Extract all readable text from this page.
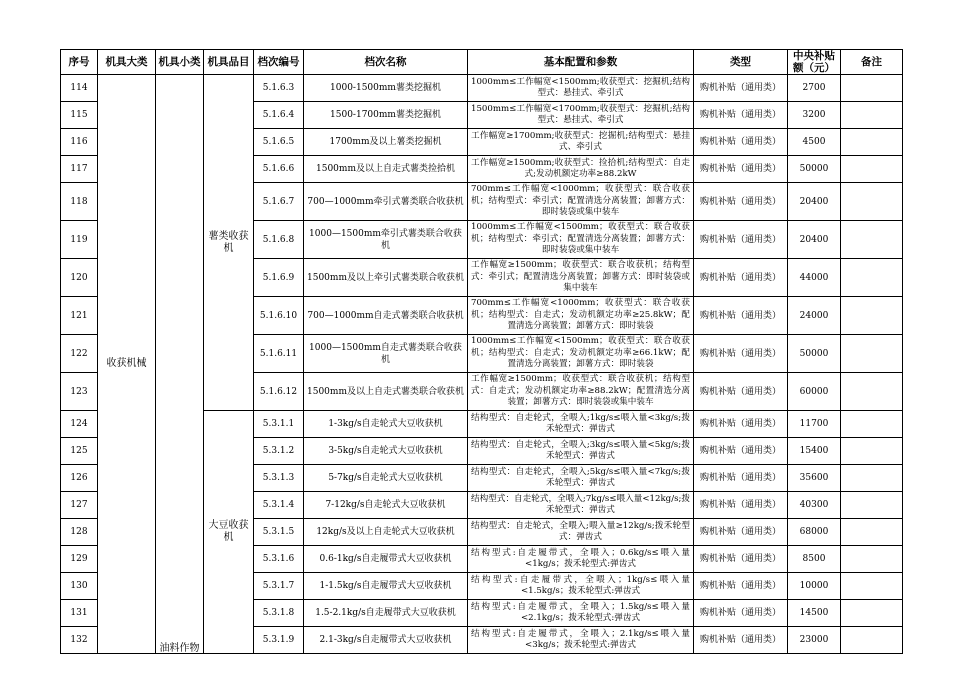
序号	机具大类	机具小类	机具品目	档次编号	档次名称	基本配置和参数	类型	中央补贴额（元）	备注
114	收获机械	油料作物	薯类收获机	5.1.6.3	1000-1500mm薯类挖掘机	1000mm≤工作幅宽<1500mm;收获型式：挖掘机;结构型式：悬挂式、牵引式	购机补贴（通用类）	2700	
115				5.1.6.4	1500-1700mm薯类挖掘机	1500mm≤工作幅宽<1700mm;收获型式：挖掘机;结构型式：悬挂式、牵引式	购机补贴（通用类）	3200	
116				5.1.6.5	1700mm及以上薯类挖掘机	工作幅宽≥1700mm;收获型式：挖掘机;结构型式：悬挂式、牵引式	购机补贴（通用类）	4500	
117				5.1.6.6	1500mm及以上自走式薯类捡拾机	工作幅宽≥1500mm;收获型式：捡拾机;结构型式：自走式;发动机额定功率≥88.2kW	购机补贴（通用类）	50000	
118				5.1.6.7	700—1000mm牵引式薯类联合收获机	700mm≤工作幅宽<1000mm；收获型式：联合收获机；结构型式：牵引式；配置清选分离装置；卸薯方式：即时装袋或集中装车	购机补贴（通用类）	20400	
119				5.1.6.8	1000—1500mm牵引式薯类联合收获机	1000mm≤工作幅宽<1500mm；收获型式：联合收获机；结构型式：牵引式；配置清选分离装置；卸薯方式：即时装袋或集中装车	购机补贴（通用类）	20400	
120				5.1.6.9	1500mm及以上牵引式薯类联合收获机	工作幅宽≥1500mm；收获型式：联合收获机；结构型式：牵引式；配置清选分离装置；卸薯方式：即时装袋或集中装车	购机补贴（通用类）	44000	
121				5.1.6.10	700—1000mm自走式薯类联合收获机	700mm≤工作幅宽<1000mm；收获型式：联合收获机；结构型式：自走式；发动机额定功率≥25.8kW；配置清选分离装置；卸薯方式：即时装袋	购机补贴（通用类）	24000	
122				5.1.6.11	1000—1500mm自走式薯类联合收获机	1000mm≤工作幅宽<1500mm；收获型式：联合收获机；结构型式：自走式；发动机额定功率≥66.1kW；配置清选分离装置；卸薯方式：即时装袋	购机补贴（通用类）	50000	
123				5.1.6.12	1500mm及以上自走式薯类联合收获机	工作幅宽≥1500mm；收获型式：联合收获机；结构型式：自走式；发动机额定功率≥88.2kW；配置清选分离装置；卸薯方式：即时装袋或集中装车	购机补贴（通用类）	60000	
124			大豆收获机	5.3.1.1	1-3kg/s自走轮式大豆收获机	结构型式：自走轮式，全喂入;1kg/s≤喂入量<3kg/s;拨禾轮型式：弹齿式	购机补贴（通用类）	11700	
125				5.3.1.2	3-5kg/s自走轮式大豆收获机	结构型式：自走轮式，全喂入;3kg/s≤喂入量<5kg/s;拨禾轮型式：弹齿式	购机补贴（通用类）	15400	
126				5.3.1.3	5-7kg/s自走轮式大豆收获机	结构型式：自走轮式，全喂入;5kg/s≤喂入量<7kg/s;拨禾轮型式：弹齿式	购机补贴（通用类）	35600	
127				5.3.1.4	7-12kg/s自走轮式大豆收获机	结构型式：自走轮式，全喂入;7kg/s≤喂入量<12kg/s;拨禾轮型式：弹齿式	购机补贴（通用类）	40300	
128				5.3.1.5	12kg/s及以上自走轮式大豆收获机	结构型式：自走轮式，全喂入;喂入量≥12kg/s;拨禾轮型式：弹齿式	购机补贴（通用类）	68000	
129				5.3.1.6	0.6-1kg/s自走履带式大豆收获机	结构型式:自走履带式，全喂入；0.6kg/s≤喂入量<1kg/s；拨禾轮型式:弹齿式	购机补贴（通用类）	8500	
130				5.3.1.7	1-1.5kg/s自走履带式大豆收获机	结构型式:自走履带式，全喂入；1kg/s≤喂入量<1.5kg/s；拨禾轮型式:弹齿式	购机补贴（通用类）	10000	
131				5.3.1.8	1.5-2.1kg/s自走履带式大豆收获机	结构型式:自走履带式，全喂入；1.5kg/s≤喂入量<2.1kg/s；拨禾轮型式:弹齿式	购机补贴（通用类）	14500	
132				5.3.1.9	2.1-3kg/s自走履带式大豆收获机	结构型式:自走履带式，全喂入；2.1kg/s≤喂入量<3kg/s；拨禾轮型式:弹齿式	购机补贴（通用类）	23000	
